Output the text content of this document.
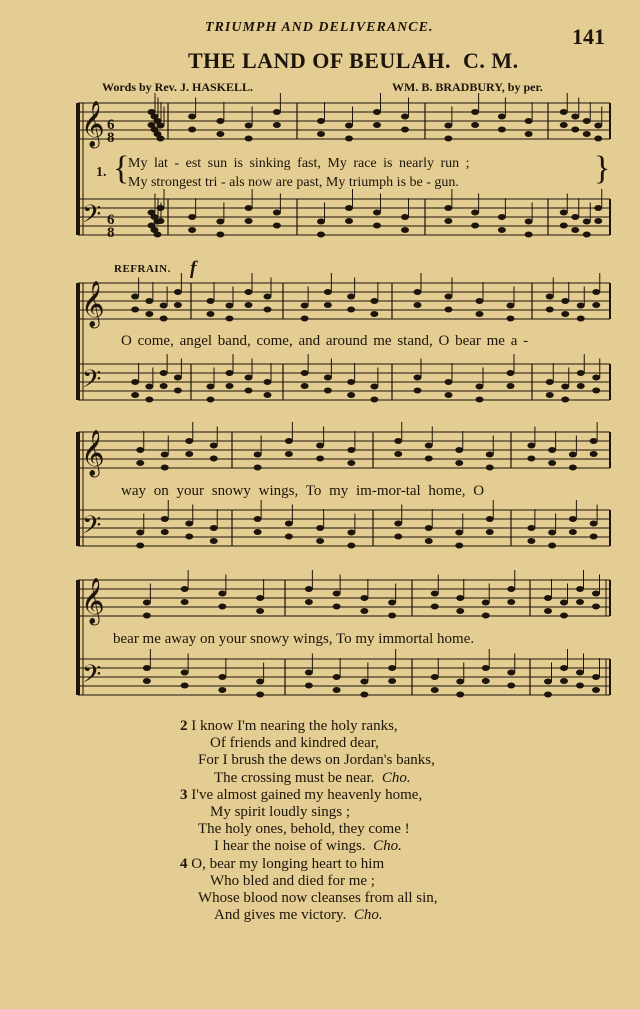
TRIUMPH AND DELIVERANCE.	141
THE LAND OF BEULAH. C. M.
Words by Rev. J. HASKELL.	WM. B. BRADBURY, by per.
𝄞
𝄢
𝄞
𝄢
𝄞
𝄢
𝄞
𝄢
6
8
6
8
1. {
My lat - est sun is sinking fast, My race is nearly run ;
My strongest tri - als now are past, My triumph is be - gun.	}
REFRAIN. f
O come, angel band, come, and around me stand, O bear me a -
way on your snowy wings, To my im-mor-tal home, O
bear me away on your snowy wings, To my immortal home.
2 I know I'm nearing the holy ranks,
Of friends and kindred dear,
For I brush the dews on Jordan's banks,
The crossing must be near. Cho.
3 I've almost gained my heavenly home,
My spirit loudly sings ;
The holy ones, behold, they come !
I hear the noise of wings. Cho.
4 O, bear my longing heart to him
Who bled and died for me ;
Whose blood now cleanses from all sin,
And gives me victory. Cho.
